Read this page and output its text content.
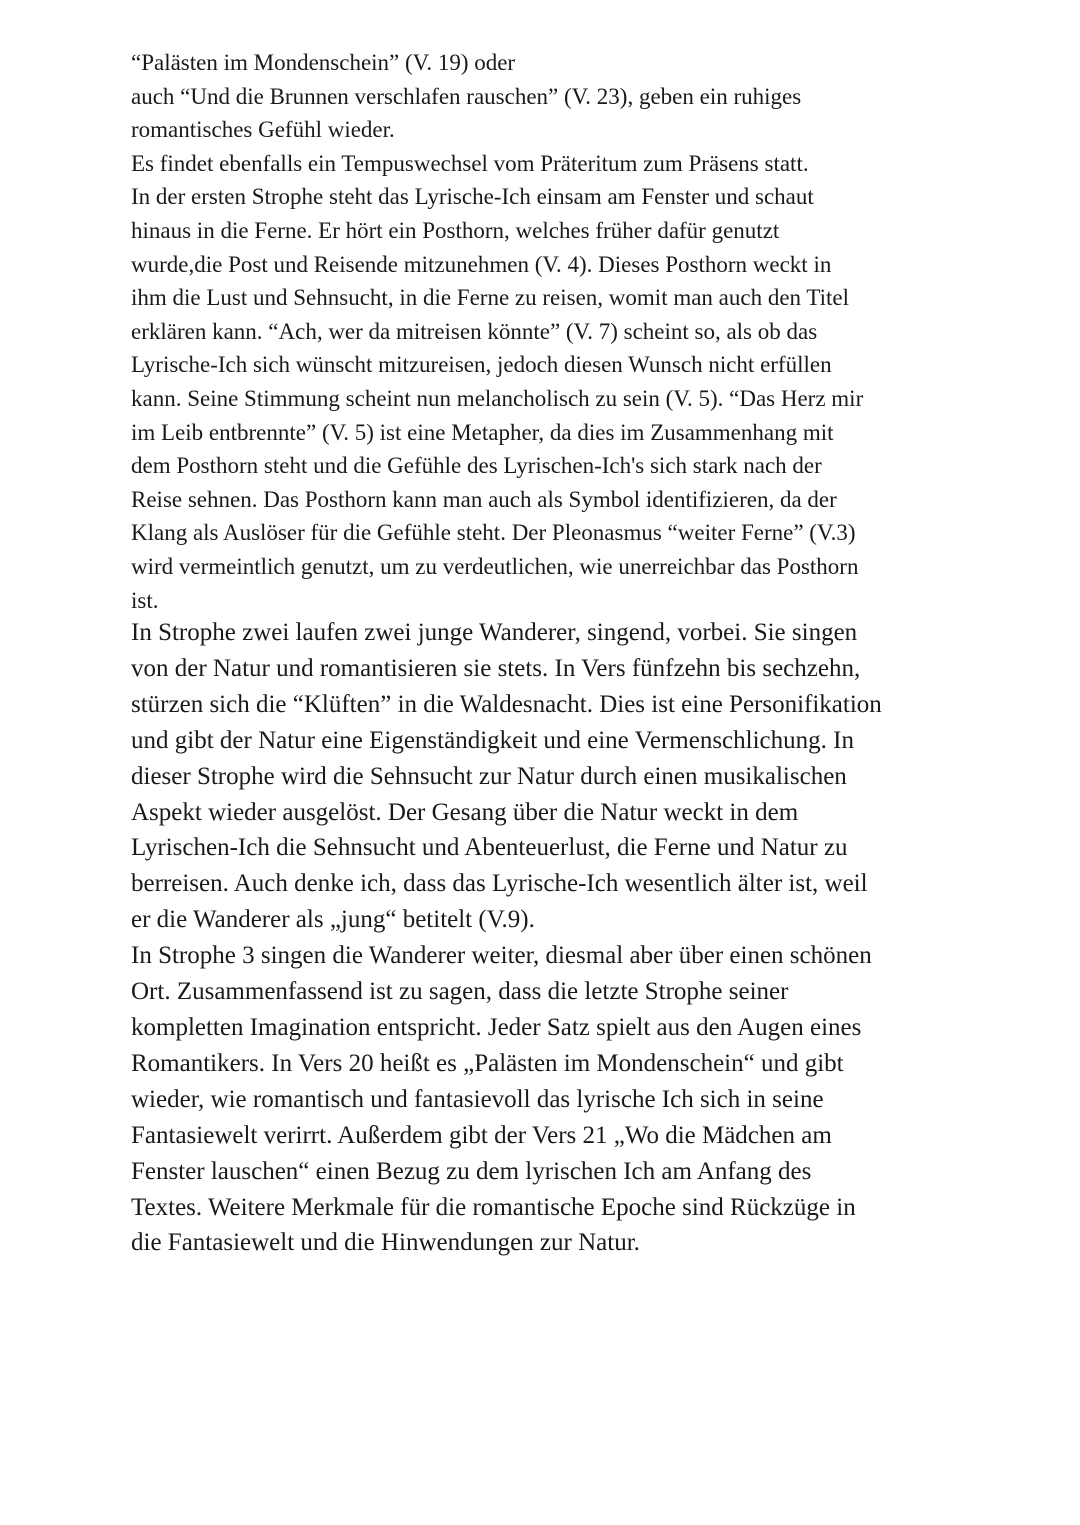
“Palästen im Mondenschein” (V. 19) oder
auch “Und die Brunnen verschlafen rauschen” (V. 23), geben ein ruhiges
romantisches Gefühl wieder.
Es findet ebenfalls ein Tempuswechsel vom Präteritum zum Präsens statt.
In der ersten Strophe steht das Lyrische-Ich einsam am Fenster und schaut
hinaus in die Ferne. Er hört ein Posthorn, welches früher dafür genutzt
wurde,die Post und Reisende mitzunehmen (V. 4). Dieses Posthorn weckt in
ihm die Lust und Sehnsucht, in die Ferne zu reisen, womit man auch den Titel
erklären kann. “Ach, wer da mitreisen könnte” (V. 7) scheint so, als ob das
Lyrische-Ich sich wünscht mitzureisen, jedoch diesen Wunsch nicht erfüllen
kann. Seine Stimmung scheint nun melancholisch zu sein (V. 5). “Das Herz mir
im Leib entbrennte” (V. 5) ist eine Metapher, da dies im Zusammenhang mit
dem Posthorn steht und die Gefühle des Lyrischen-Ich's sich stark nach der
Reise sehnen. Das Posthorn kann man auch als Symbol identifizieren, da der
Klang als Auslöser für die Gefühle steht. Der Pleonasmus “weiter Ferne” (V.3)
wird vermeintlich genutzt, um zu verdeutlichen, wie unerreichbar das Posthorn
ist.
In Strophe zwei laufen zwei junge Wanderer, singend, vorbei. Sie singen
von der Natur und romantisieren sie stets. In Vers fünfzehn bis sechzehn,
stürzen sich die “Klüften” in die Waldesnacht. Dies ist eine Personifikation
und gibt der Natur eine Eigenständigkeit und eine Vermenschlichung. In
dieser Strophe wird die Sehnsucht zur Natur durch einen musikalischen
Aspekt wieder ausgelöst. Der Gesang über die Natur weckt in dem
Lyrischen-Ich die Sehnsucht und Abenteuerlust, die Ferne und Natur zu
berreisen. Auch denke ich, dass das Lyrische-Ich wesentlich älter ist, weil
er die Wanderer als „jung“ betitelt (V.9).
In Strophe 3 singen die Wanderer weiter, diesmal aber über einen schönen
Ort. Zusammenfassend ist zu sagen, dass die letzte Strophe seiner
kompletten Imagination entspricht. Jeder Satz spielt aus den Augen eines
Romantikers. In Vers 20 heißt es „Palästen im Mondenschein“ und gibt
wieder, wie romantisch und fantasievoll das lyrische Ich sich in seine
Fantasiewelt verirrt. Außerdem gibt der Vers 21 „Wo die Mädchen am
Fenster lauschen“ einen Bezug zu dem lyrischen Ich am Anfang des
Textes. Weitere Merkmale für die romantische Epoche sind Rückzüge in
die Fantasiewelt und die Hinwendungen zur Natur.
